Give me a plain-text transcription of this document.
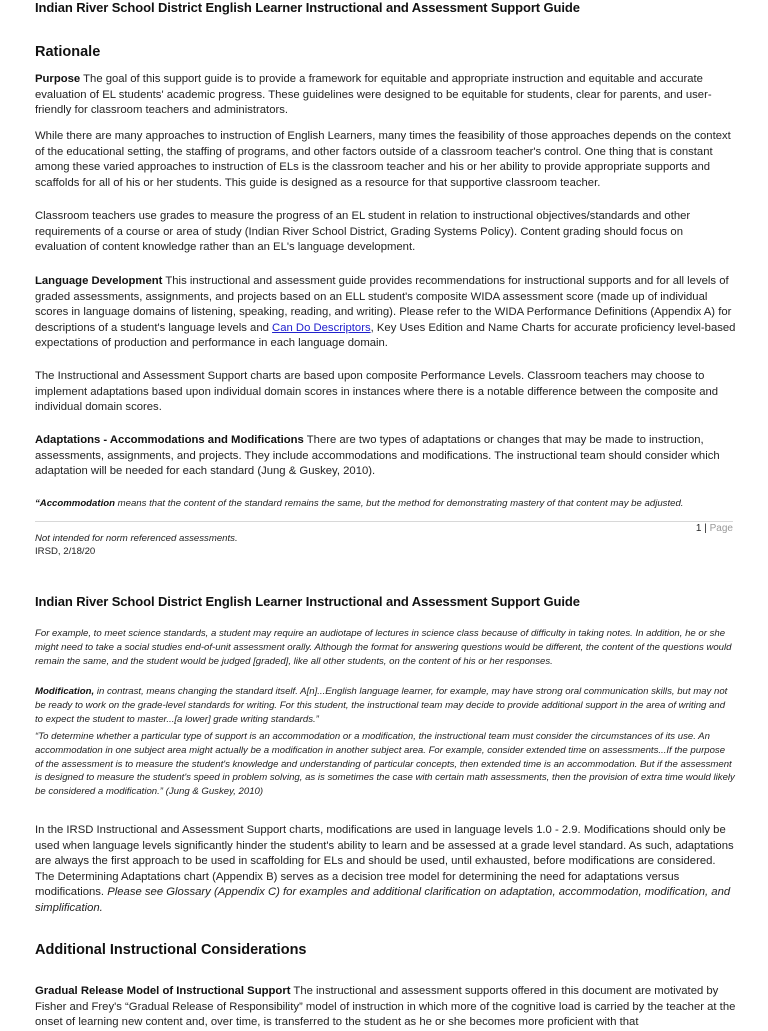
Indian River School District English Learner Instructional and Assessment Support Guide
Rationale
Purpose The goal of this support guide is to provide a framework for equitable and appropriate instruction and equitable and accurate evaluation of EL students' academic progress. These guidelines were designed to be equitable for students, clear for parents, and user-friendly for classroom teachers and administrators.
While there are many approaches to instruction of English Learners, many times the feasibility of those approaches depends on the context of the educational setting, the staffing of programs, and other factors outside of a classroom teacher's control. One thing that is constant among these varied approaches to instruction of ELs is the classroom teacher and his or her ability to provide appropriate supports and scaffolds for all of his or her students. This guide is designed as a resource for that supportive classroom teacher.
Classroom teachers use grades to measure the progress of an EL student in relation to instructional objectives/standards and other requirements of a course or area of study (Indian River School District, Grading Systems Policy). Content grading should focus on evaluation of content knowledge rather than an EL's language development.
Language Development This instructional and assessment guide provides recommendations for instructional supports and for all levels of graded assessments, assignments, and projects based on an ELL student's composite WIDA assessment score (made up of individual scores in language domains of listening, speaking, reading, and writing). Please refer to the WIDA Performance Definitions (Appendix A) for descriptions of a student's language levels and Can Do Descriptors, Key Uses Edition and Name Charts for accurate proficiency level-based expectations of production and performance in each language domain.
The Instructional and Assessment Support charts are based upon composite Performance Levels. Classroom teachers may choose to implement adaptations based upon individual domain scores in instances where there is a notable difference between the composite and individual domain scores.
Adaptations - Accommodations and Modifications There are two types of adaptations or changes that may be made to instruction, assessments, assignments, and projects. They include accommodations and modifications. The instructional team should consider which adaptation will be needed for each standard (Jung & Guskey, 2010).
“Accommodation means that the content of the standard remains the same, but the method for demonstrating mastery of that content may be adjusted.
1 | Page
Not intended for norm referenced assessments.
IRSD, 2/18/20
Indian River School District English Learner Instructional and Assessment Support Guide
For example, to meet science standards, a student may require an audiotape of lectures in science class because of difficulty in taking notes. In addition, he or she might need to take a social studies end-of-unit assessment orally. Although the format for answering questions would be different, the content of the questions would remain the same, and the student would be judged [graded], like all other students, on the content of his or her responses.
Modification, in contrast, means changing the standard itself. A[n]...English language learner, for example, may have strong oral communication skills, but may not be ready to work on the grade-level standards for writing. For this student, the instructional team may decide to provide additional support in the area of writing and to expect the student to master...[a lower] grade writing standards.”
“To determine whether a particular type of support is an accommodation or a modification, the instructional team must consider the circumstances of its use. An accommodation in one subject area might actually be a modification in another subject area. For example, consider extended time on assessments...If the purpose of the assessment is to measure the student's knowledge and understanding of particular concepts, then extended time is an accommodation. But if the assessment is designed to measure the student's speed in problem solving, as is sometimes the case with certain math assessments, then the provision of extra time would likely be considered a modification.” (Jung & Guskey, 2010)
In the IRSD Instructional and Assessment Support charts, modifications are used in language levels 1.0 - 2.9. Modifications should only be used when language levels significantly hinder the student's ability to learn and be assessed at a grade level standard. As such, adaptations are always the first approach to be used in scaffolding for ELs and should be used, until exhausted, before modifications are considered. The Determining Adaptations chart (Appendix B) serves as a decision tree model for determining the need for adaptations versus modifications. Please see Glossary (Appendix C) for examples and additional clarification on adaptation, accommodation, modification, and simplification.
Additional Instructional Considerations
Gradual Release Model of Instructional Support The instructional and assessment supports offered in this document are motivated by Fisher and Frey's “Gradual Release of Responsibility” model of instruction in which more of the cognitive load is carried by the teacher at the onset of learning new content and, over time, is transferred to the student as he or she becomes more proficient with that
